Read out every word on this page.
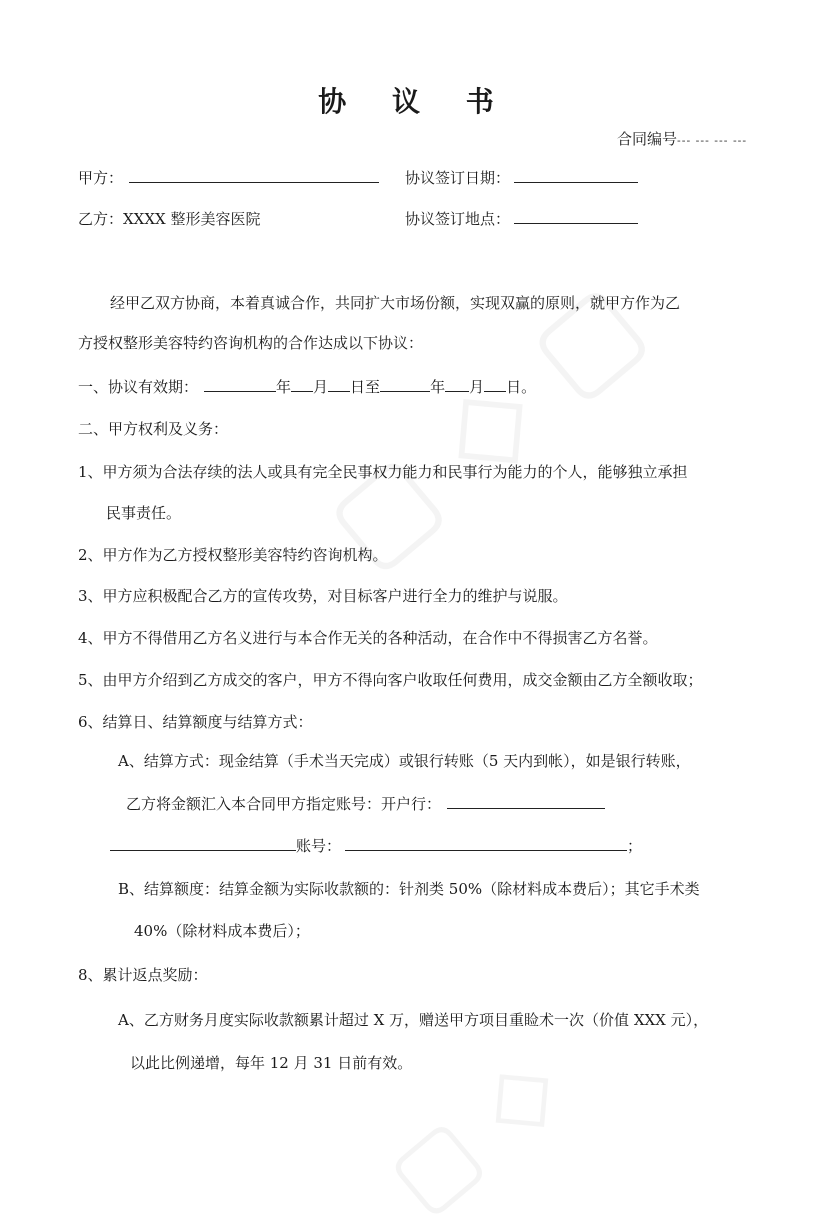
协 议 书
合同编号--- --- --- ---
甲方：	协议签订日期：
乙方：XXXX 整形美容医院	协议签订地点：
经甲乙双方协商，本着真诚合作，共同扩大市场份额，实现双赢的原则，就甲方作为乙
方授权整形美容特约咨询机构的合作达成以下协议：
一、协议有效期：	年 月 日至	年 月 日。
二、甲方权利及义务：
1、甲方须为合法存续的法人或具有完全民事权力能力和民事行为能力的个人，能够独立承担
民事责任。
2、甲方作为乙方授权整形美容特约咨询机构。
3、甲方应积极配合乙方的宣传攻势，对目标客户进行全力的维护与说服。
4、甲方不得借用乙方名义进行与本合作无关的各种活动，在合作中不得损害乙方名誉。
5、由甲方介绍到乙方成交的客户，甲方不得向客户收取任何费用，成交金额由乙方全额收取；
6、结算日、结算额度与结算方式：
A、结算方式：现金结算（手术当天完成）或银行转账（5 天内到帐），如是银行转账，
乙方将金额汇入本合同甲方指定账号：开户行：
账号：	；
B、结算额度：结算金额为实际收款额的：针剂类 50%（除材料成本费后）；其它手术类
40%（除材料成本费后）；
8、累计返点奖励：
A、乙方财务月度实际收款额累计超过 X 万，赠送甲方项目重睑术一次（价值 XXX 元），
以此比例递增，每年 12 月 31 日前有效。
